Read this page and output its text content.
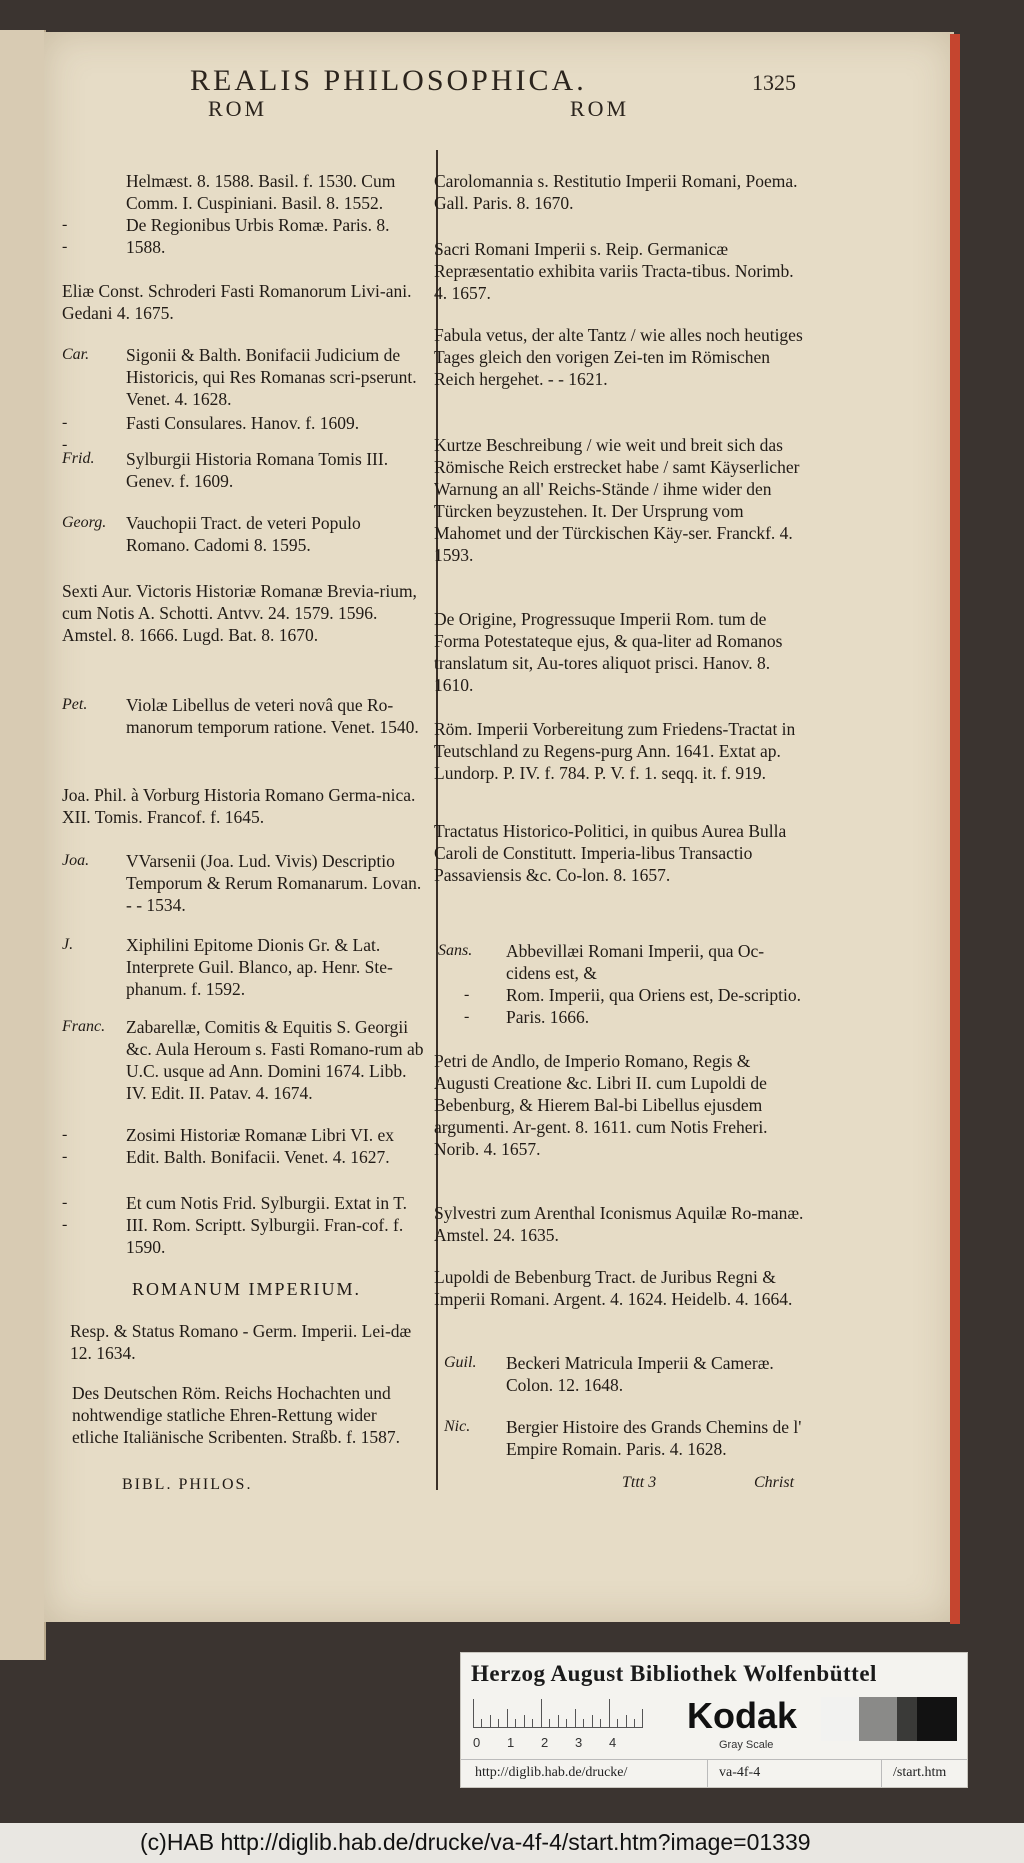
REALIS PHILOSOPHICA.	1325
ROM	ROM
Helmæst. 8. 1588. Basil. f. 1530. Cum Comm. I. Cuspiniani. Basil. 8. 1552.
- -
De Regionibus Urbis Romæ. Paris. 8. 1588.
Eliæ Const. Schroderi Fasti Romanorum Livi-ani. Gedani 4. 1675.
Car. Sigonii & Balth. Bonifacii Judicium de Historicis, qui Res Romanas scri-pserunt. Venet. 4. 1628.
- -
Fasti Consulares. Hanov. f. 1609.
Frid. Sylburgii Historia Romana Tomis III. Genev. f. 1609.
Georg. Vauchopii Tract. de veteri Populo Romano. Cadomi 8. 1595.
Sexti Aur. Victoris Historiæ Romanæ Brevia-rium, cum Notis A. Schotti. Antvv. 24. 1579. 1596. Amstel. 8. 1666. Lugd. Bat. 8. 1670.
Pet. Violæ Libellus de veteri novâ que Ro-manorum temporum ratione. Venet. 1540.
Joa. Phil. à Vorburg Historia Romano Germa-nica. XII. Tomis. Francof. f. 1645.
Joa. VVarsenii (Joa. Lud. Vivis) Descriptio Temporum & Rerum Romanarum. Lovan. - - 1534.
J.	Xiphilini Epitome Dionis Gr. & Lat. Interprete Guil. Blanco, ap. Henr. Ste-phanum. f. 1592.
Franc. Zabarellæ, Comitis & Equitis S. Georgii &c. Aula Heroum s. Fasti Romano-rum ab U.C. usque ad Ann. Domini 1674. Libb. IV. Edit. II. Patav. 4. 1674.
- -
Zosimi Historiæ Romanæ Libri VI. ex Edit. Balth. Bonifacii. Venet. 4. 1627.
- -
Et cum Notis Frid. Sylburgii. Extat in T. III. Rom. Scriptt. Sylburgii. Fran-cof. f. 1590.
ROMANUM IMPERIUM.
Resp. & Status Romano - Germ. Imperii. Lei-dæ 12. 1634.
Des Deutschen Röm. Reichs Hochachten und nohtwendige statliche Ehren-Rettung wider etliche Italiänische Scribenten. Straßb. f. 1587.
BIBL. PHILOS.
Carolomannia s. Restitutio Imperii Romani, Poema. Gall. Paris. 8. 1670.
Sacri Romani Imperii s. Reip. Germanicæ Repræsentatio exhibita variis Tracta-tibus. Norimb. 4. 1657.
Fabula vetus, der alte Tantz / wie alles noch heutiges Tages gleich den vorigen Zei-ten im Römischen Reich hergehet. - - 1621.
Kurtze Beschreibung / wie weit und breit sich das Römische Reich erstrecket habe / samt Käyserlicher Warnung an all' Reichs-Stände / ihme wider den Türcken beyzustehen. It. Der Ursprung vom Mahomet und der Türckischen Käy-ser. Franckf. 4. 1593.
De Origine, Progressuque Imperii Rom. tum de Forma Potestateque ejus, & qua-liter ad Romanos translatum sit, Au-tores aliquot prisci. Hanov. 8. 1610.
Röm. Imperii Vorbereitung zum Friedens-Tractat in Teutschland zu Regens-purg Ann. 1641. Extat ap. Lundorp. P. IV. f. 784. P. V. f. 1. seqq. it. f. 919.
Tractatus Historico-Politici, in quibus Aurea Bulla Caroli de Constitutt. Imperia-libus Transactio Passaviensis &c. Co-lon. 8. 1657.
Sans. Abbevillæi Romani Imperii, qua Oc-cidens est, &
- -
Rom. Imperii, qua Oriens est, De-scriptio. Paris. 1666.
Petri de Andlo, de Imperio Romano, Regis & Augusti Creatione &c. Libri II. cum Lupoldi de Bebenburg, & Hierem Bal-bi Libellus ejusdem argumenti. Ar-gent. 8. 1611. cum Notis Freheri. Norib. 4. 1657.
Sylvestri zum Arenthal Iconismus Aquilæ Ro-manæ. Amstel. 24. 1635.
Lupoldi de Bebenburg Tract. de Juribus Regni & Imperii Romani. Argent. 4. 1624. Heidelb. 4. 1664.
Guil. Beckeri Matricula Imperii & Cameræ. Colon. 12. 1648.
Nic. Bergier Histoire des Grands Chemins de l' Empire Romain. Paris. 4. 1628.
Tttt 3	Christ
Herzog August Bibliothek Wolfenbüttel
0 1 2 3 4
Kodak
Gray Scale
http://diglib.hab.de/drucke/	va-4f-4	/start.htm
(c)HAB http://diglib.hab.de/drucke/va-4f-4/start.htm?image=01339
